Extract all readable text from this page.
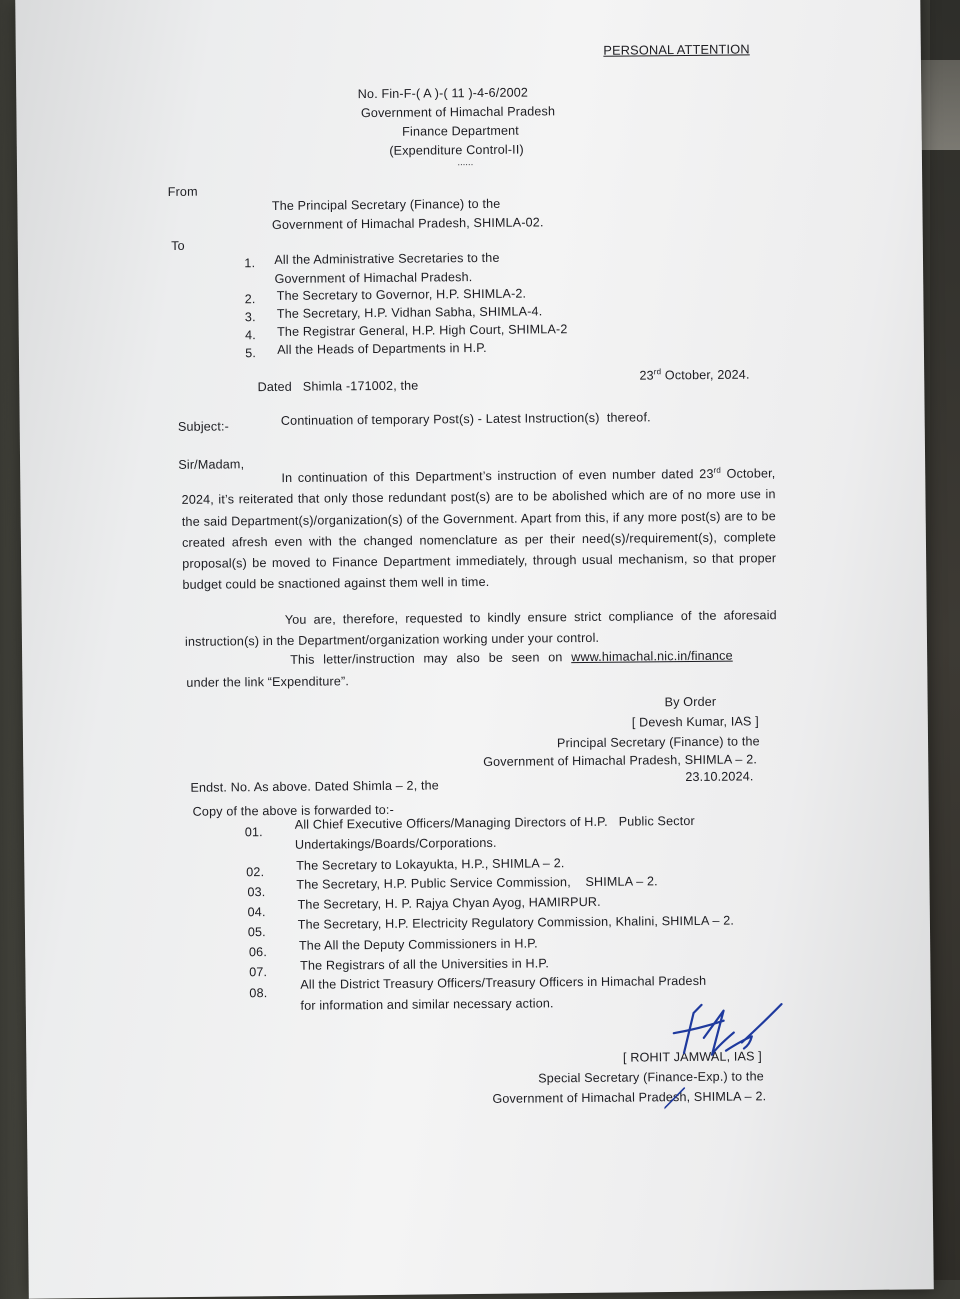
PERSONAL ATTENTION
No. Fin-F-( A )-( 11 )-4-6/2002
Government of Himachal Pradesh
Finance Department
(Expenditure Control-II)
......
From
The Principal Secretary (Finance) to the
Government of Himachal Pradesh, SHIMLA-02.
To
1. All the Administrative Secretaries to the
Government of Himachal Pradesh.
2. The Secretary to Governor, H.P. SHIMLA-2.
3. The Secretary, H.P. Vidhan Sabha, SHIMLA-4.
4. The Registrar General, H.P. High Court, SHIMLA-2
5. All the Heads of Departments in H.P.
Dated   Shimla -171002, the
23rd October, 2024.
Subject:-	Continuation of temporary Post(s) - Latest Instruction(s)  thereof.
Sir/Madam,
In continuation of this Department’s instruction of even number dated 23rd October, 2024, it’s reiterated that only those redundant post(s) are to be abolished which are of no more use in the said Department(s)/organization(s) of the Government. Apart from this, if any more post(s) are to be created afresh even with the changed nomenclature as per their need(s)/requirement(s), complete proposal(s) be moved to Finance Department immediately, through usual mechanism, so that proper budget could be snactioned against them well in time.
You are, therefore, requested to kindly ensure strict compliance of the aforesaid instruction(s) in the Department/organization working under your control.
This letter/instruction may also be seen on www.himachal.nic.in/finance
under the link “Expenditure”.
By Order
[ Devesh Kumar, IAS ]
Principal Secretary (Finance) to the
Government of Himachal Pradesh, SHIMLA – 2.
Endst. No. As above. Dated Shimla – 2, the
23.10.2024.
Copy of the above is forwarded to:-
01.
All Chief Executive Officers/Managing Directors of H.P.   Public Sector
Undertakings/Boards/Corporations.
02.	The Secretary to Lokayukta, H.P., SHIMLA – 2.
03.
The Secretary, H.P. Public Service Commission,    SHIMLA – 2.
04.
The Secretary, H. P. Rajya Chyan Ayog, HAMIRPUR.
05.
The Secretary, H.P. Electricity Regulatory Commission, Khalini, SHIMLA – 2.
06.	The All the Deputy Commissioners in H.P.
07.	The Registrars of all the Universities in H.P.
08.
All the District Treasury Officers/Treasury Officers in Himachal Pradesh
for information and similar necessary action.
[ ROHIT JAMWAL, IAS ]
Special Secretary (Finance-Exp.) to the
Government of Himachal Pradesh, SHIMLA – 2.
